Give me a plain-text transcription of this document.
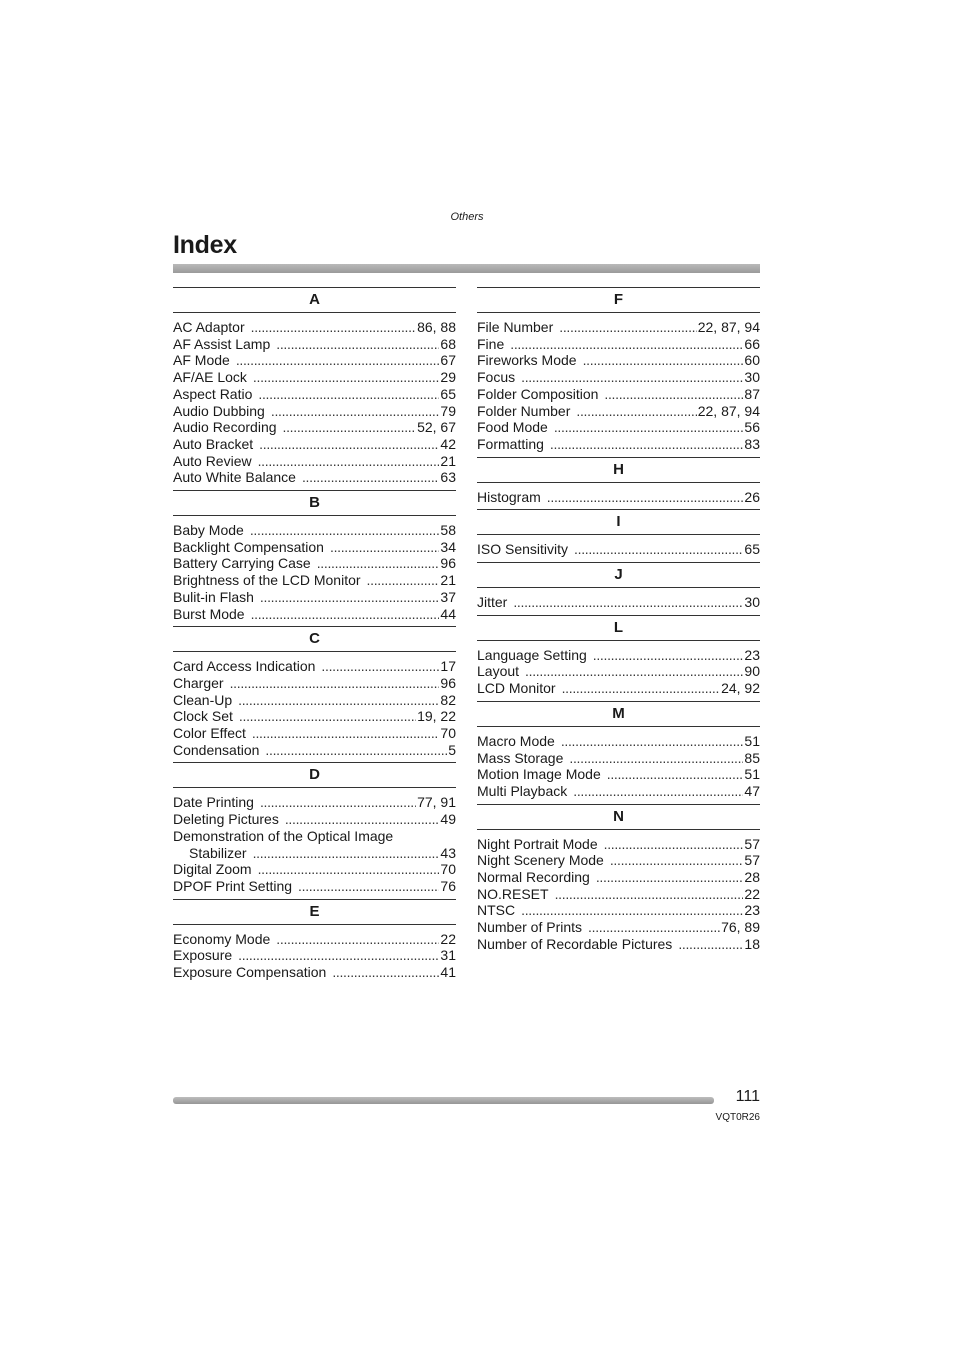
Others
Index
A
AC Adaptor . . .	86, 88
AF Assist Lamp . . .	68
AF Mode . . .	67
AF/AE Lock . . .	29
Aspect Ratio . . .	65
Audio Dubbing . . .	79
Audio Recording . . .	52, 67
Auto Bracket . . .	42
Auto Review . . .	21
Auto White Balance . . .	63
B
Baby Mode . . .	58
Backlight Compensation . . .	34
Battery Carrying Case . . .	96
Brightness of the LCD Monitor . . .	21
Bulit-in Flash . . .	37
Burst Mode . . .	44
C
Card Access Indication . . .	17
Charger . . .	96
Clean-Up . . .	82
Clock Set . . .	19, 22
Color Effect . . .	70
Condensation . . .	5
D
Date Printing . . .	77, 91
Deleting Pictures . . .	49
Demonstration of the Optical Image
Stabilizer . . .	43
Digital Zoom . . .	70
DPOF Print Setting . . .	76
E
Economy Mode . . .	22
Exposure . . .	31
Exposure Compensation . . .	41
F
File Number . . .	22, 87, 94
Fine . . .	66
Fireworks Mode . . .	60
Focus . . .	30
Folder Composition . . .	87
Folder Number . . .	22, 87, 94
Food Mode . . .	56
Formatting . . .	83
H
Histogram . . .	26
I
ISO Sensitivity . . .	65
J
Jitter . . .	30
L
Language Setting . . .	23
Layout . . .	90
LCD Monitor . . .	24, 92
M
Macro Mode . . .	51
Mass Storage . . .	85
Motion Image Mode . . .	51
Multi Playback . . .	47
N
Night Portrait Mode . . .	57
Night Scenery Mode . . .	57
Normal Recording . . .	28
NO.RESET . . .	22
NTSC . . .	23
Number of Prints . . .	76, 89
Number of Recordable Pictures . . .	18
111
VQT0R26
